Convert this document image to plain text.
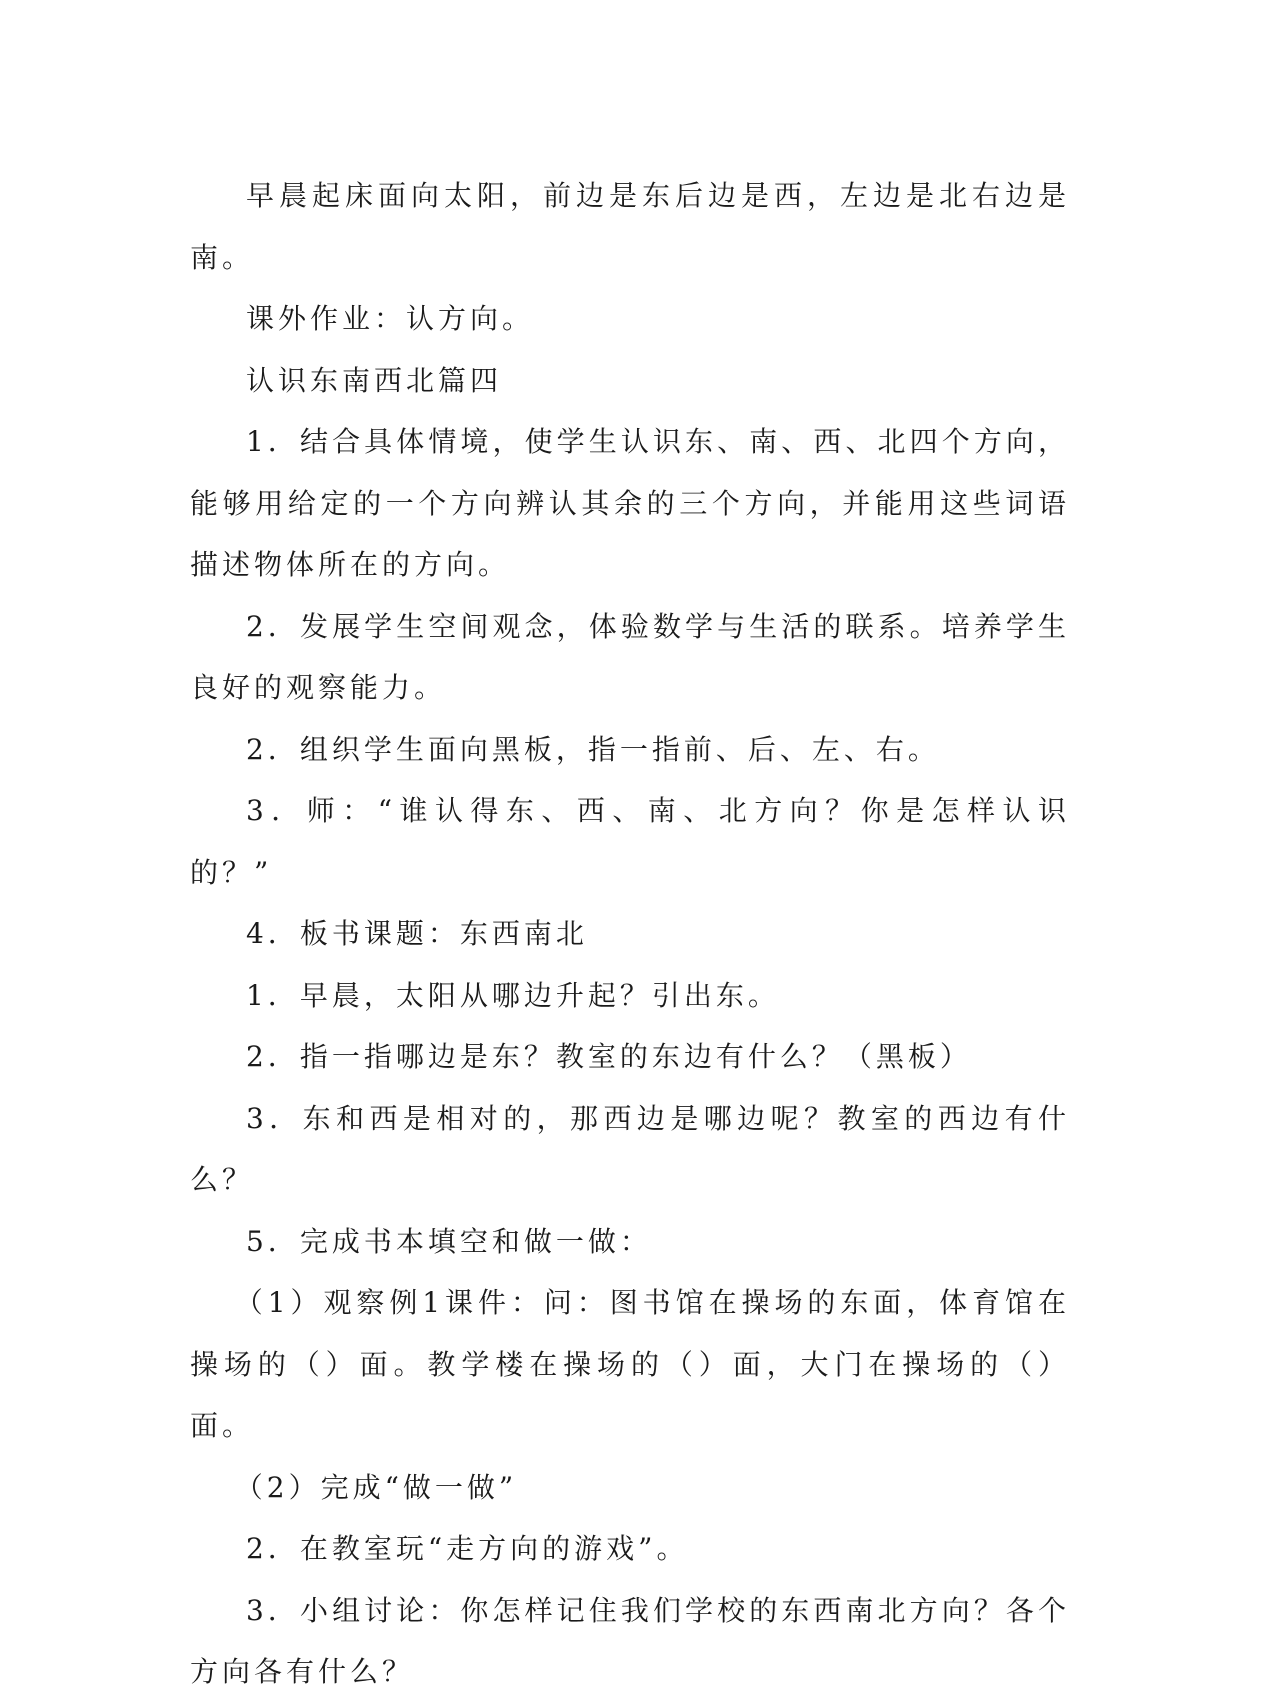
早晨起床面向太阳，前边是东后边是西，左边是北右边是南。

课外作业：认方向。

认识东南西北篇四

1．结合具体情境，使学生认识东、南、西、北四个方向，能够用给定的一个方向辨认其余的三个方向，并能用这些词语描述物体所在的方向。

2．发展学生空间观念，体验数学与生活的联系。培养学生良好的观察能力。

2．组织学生面向黑板，指一指前、后、左、右。

3．师：“谁认得东、西、南、北方向？你是怎样认识的？”

4．板书课题：东西南北

1．早晨，太阳从哪边升起？引出东。

2．指一指哪边是东？教室的东边有什么？（黑板）

3．东和西是相对的，那西边是哪边呢？教室的西边有什么？

5．完成书本填空和做一做：

（1）观察例1课件：问：图书馆在操场的东面，体育馆在操场的（）面。教学楼在操场的（）面，大门在操场的（）面。

（2）完成“做一做”

2．在教室玩“走方向的游戏”。

3．小组讨论：你怎样记住我们学校的东西南北方向？各个方向各有什么？
